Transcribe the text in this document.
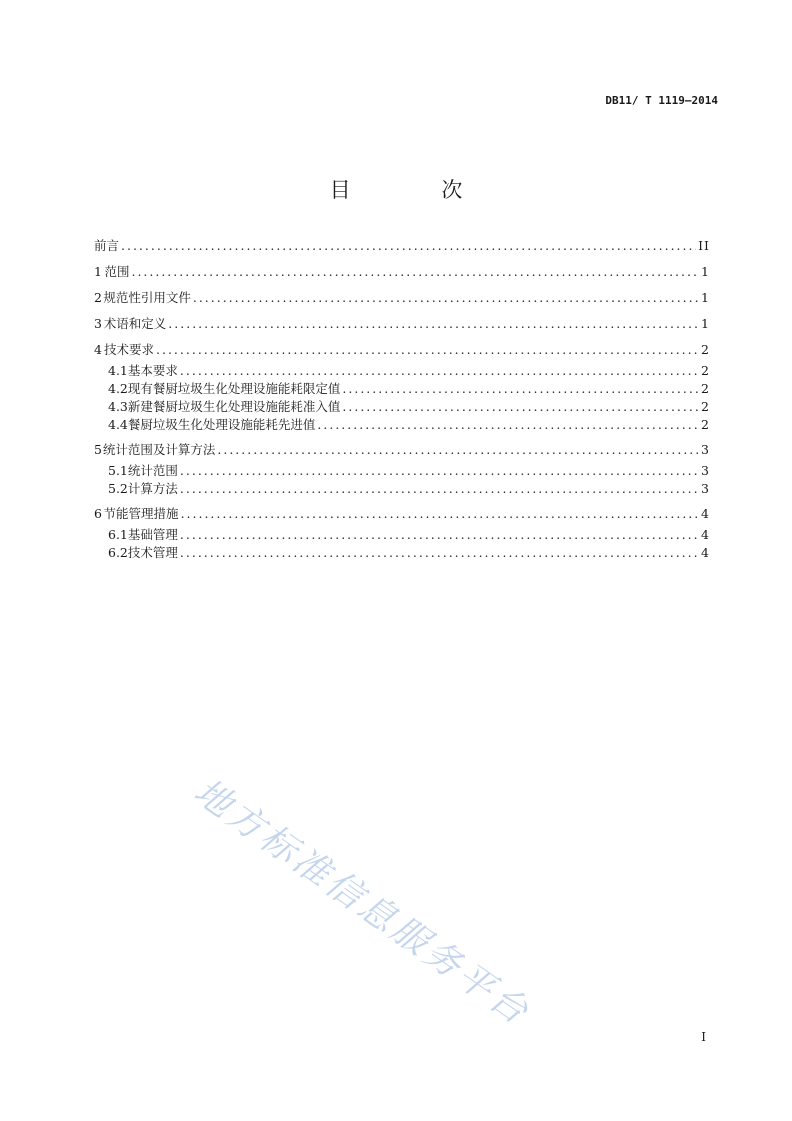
DB11/ T 1119—2014
目 次
前言 .....	II
1 范围 .....	1
2 规范性引用文件 .....	1
3 术语和定义 .....	1
4 技术要求 .....	2
4.1 基本要求 .....	2
4.2 现有餐厨垃圾生化处理设施能耗限定值 .....	2
4.3 新建餐厨垃圾生化处理设施能耗准入值 .....	2
4.4 餐厨垃圾生化处理设施能耗先进值 .....	2
5 统计范围及计算方法 .....	3
5.1 统计范围 .....	3
5.2 计算方法 .....	3
6 节能管理措施 .....	4
6.1 基础管理 .....	4
6.2 技术管理 .....	4
I
地方标准信息服务平台
